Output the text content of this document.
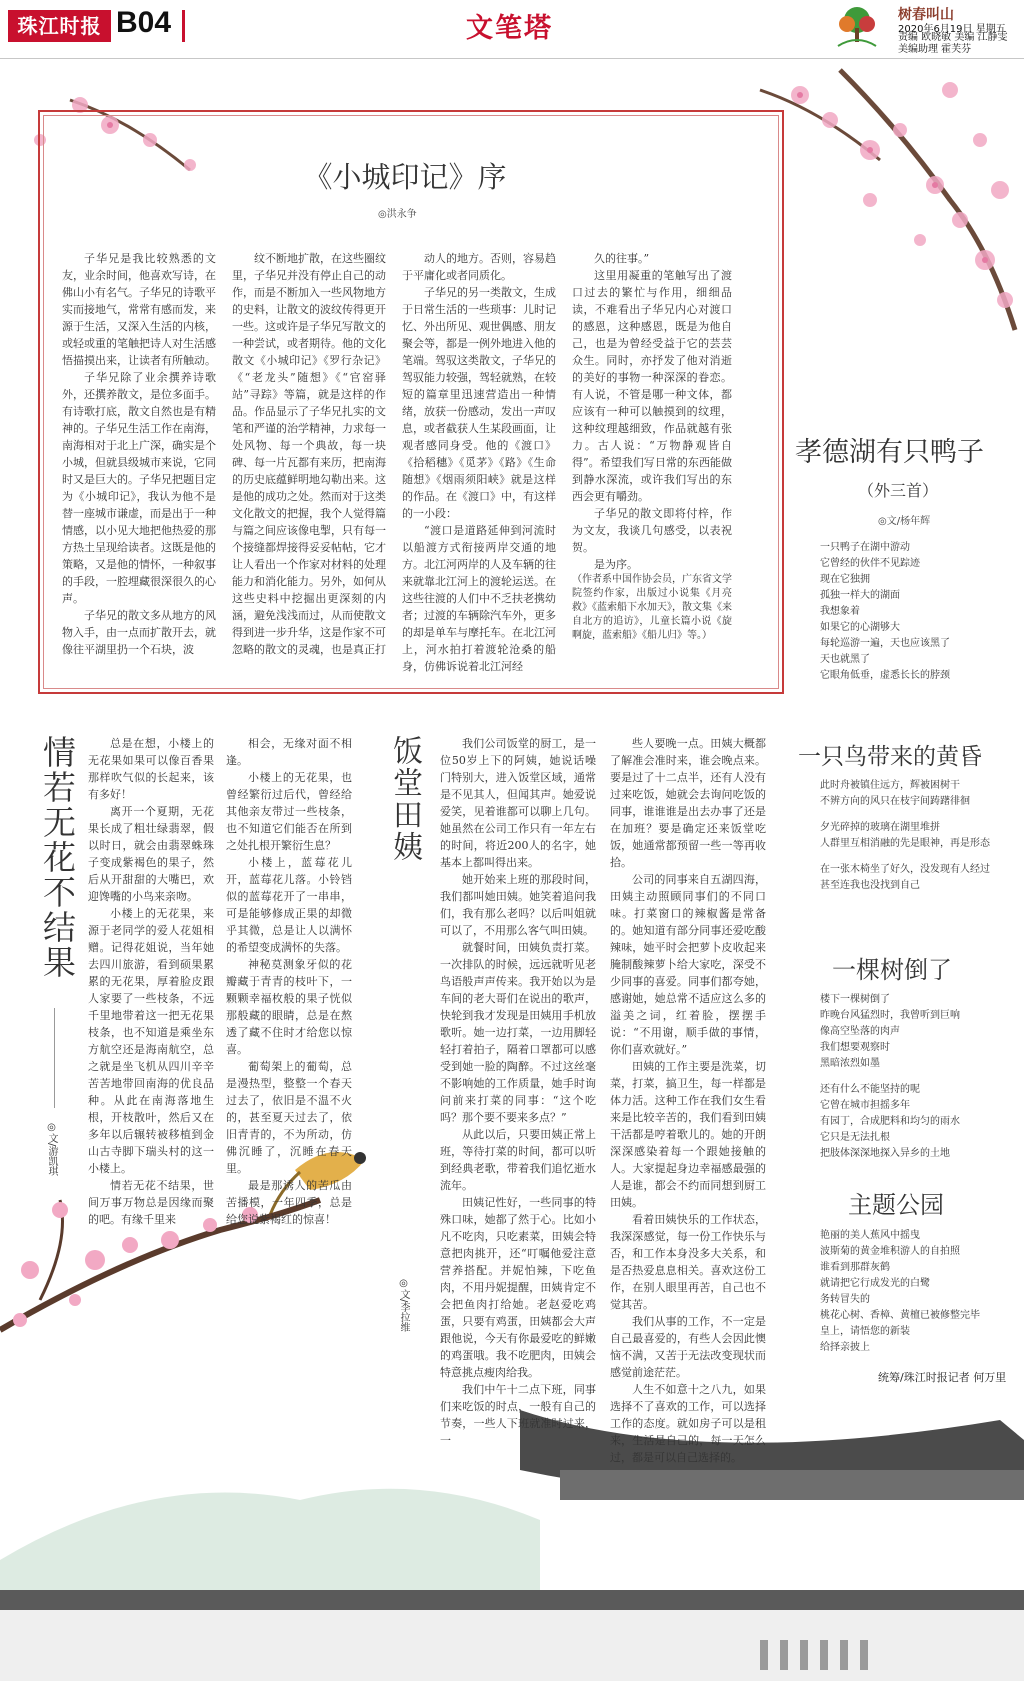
珠江时报 B04	文笔塔	树春叫山
2020年6月19日 星期五
责编 欧晓敏 美编 江静雯
美编助理 霍芙芬
《小城印记》序
◎洪永争

子华兄是我比较熟悉的文友，业余时间，他喜欢写诗，在佛山小有名气。子华兄的诗歌平实而接地气，常常有感而发，来源于生活，又深入生活的内核，或轻或重的笔触把诗人对生活感悟描摸出来，让读者有所触动。

子华兄除了业余撰养诗歌外，还撰养散文，是位多面手。有诗歌打底，散文自然也是有精神的。子华兄生活工作在南海，南海相对于北上广深，确实是个小城，但就县级城市来说，它同时又是巨大的。子华兄把题目定为《小城印记》，我认为他不是替一座城市谦虚，而是出于一种情感，以小见大地把他热爱的那方热土呈现给读者。这既是他的策略，又是他的情怀，一种叙事的手段，一腔埋藏很深很久的心声。

子华兄的散文多从地方的风物入手，由一点而扩散开去，就像往平湖里扔一个石块，波

纹不断地扩散，在这些圈纹里，子华兄并没有停止自己的动作，而是不断加入一些风物地方的史料，让散文的波纹传得更开一些。这或许是子华兄写散文的一种尝试，或者期待。他的文化散文《小城印记》《罗行杂记》《“老龙头”随想》《“官窑驿站”寻踪》等篇，就是这样的作品。作品显示了子华兄扎实的文笔和严谨的治学精神，力求每一处风物、每一个典故，每一块碑、每一片瓦都有来历，把南海的历史底蕴鲜明地勾勒出来。这是他的成功之处。然而对于这类文化散文的把握，我个人觉得篇与篇之间应该像电掣，只有每一个接缝都焊接得妥妥帖帖，它才让人看出一个作家对材料的处理能力和消化能力。另外，如何从这些史料中挖掘出更深刻的内涵，避免浅浅而过，从而使散文得到进一步升华，这是作家不可忽略的散文的灵魂，也是真正打

动人的地方。否则，容易趋于平庸化或者同质化。

子华兄的另一类散文，生成于日常生活的一些琐事：儿时记忆、外出所见、观世偶感、朋友聚会等，都是一例外地进入他的笔端。驾驭这类散文，子华兄的驾驭能力较强，驾轻就熟，在较短的篇章里迅速营造出一种情绪，放获一份感动，发出一声叹息，或者截获人生某段画面，让观者感同身受。他的《渡口》《拾稻穗》《觅茅》《路》《生命随想》《烟雨须阳峡》就是这样的作品。在《渡口》中，有这样的一小段：

“渡口是道路延伸到河流时以船渡方式衔接两岸交通的地方。北江河两岸的人及车辆的往来就靠北江河上的渡轮运送。在这些往渡的人们中不乏扶老携幼者；过渡的车辆除汽车外，更多的却是单车与摩托车。在北江河上，河水拍打着渡轮沧桑的船身，仿佛诉说着北江河经

久的往事。”

这里用凝重的笔触写出了渡口过去的繁忙与作用，细细品读，不难看出子华兄内心对渡口的感恩，这种感恩，既是为他自己，也是为曾经受益于它的芸芸众生。同时，亦抒发了他对消逝的美好的事物一种深深的眷恋。有人说，不管是哪一种文体，都应该有一种可以触摸到的纹理，这种纹理越细致，作品就越有张力。古人说：“万物静观皆自得”。希望我们写日常的东西能做到静水深流，或许我们写出的东西会更有嚼劲。

子华兄的散文即将付梓，作为文友，我谈几句感受，以表祝贺。

是为序。

（作者系中国作协会员，广东省文学院签约作家，出版过小说集《月亮救》《蓝索船下水加天》，散文集《来自北方的追访》，儿童长篇小说《旋啊旋，蓝索船》《船儿归》等。）
孝德湖有只鸭子
（外三首）
◎文/杨年辉
一只鸭子在湖中游动
它曾经的伙伴不见踪迹
现在它独拥
孤独一样大的湖面
我想象着
如果它的心湖够大
每轮巡游一遍，天也应该黑了
天也就黑了
它眼角低垂，虚悉长长的脖颈
一只鸟带来的黄昏
此时舟被镇住远方，辉被困树干
不辨方向的风只在枝宇间踌躇徘徊
夕光碎掉的玻璃在湖里堆拼
人群里互相消融的先是眼神，再是形态
在一张木椅坐了好久，没发现有人经过
甚至连我也没找到自己
一棵树倒了
楼下一棵树倒了
昨晚台风猛烈时，我曾听到巨响
像高空坠落的肉声
我们想要观察时
黑暗浓烈如墨
还有什么不能坚持的呢
它曾在城市担摇多年
有园丁，合成肥料和均匀的雨水
它只是无法扎根
把肢体深深地探入异乡的土地
主题公园
艳丽的美人蕉风中摇曳
波斯菊的黄金堆积游人的自拍照
谁看到那群灰鹤
就请把它行成发光的白鹭
务转冒失的
桃花心树、香樟、黄檀已被修整完毕
皇上，请悟您的新装
给择亲披上
统筹/珠江时报记者 何万里
情若无花不结果
◎文/游凯琪

总是在想，小楼上的无花果如果可以像百香果那样吹气似的长起来，该有多好！

离开一个夏期，无花果长成了粗壮绿翡翠，假以时日，就会由翡翠蛛珠子变成紫褐色的果子，然后从开甜甜的大嘴巴，欢迎馋嘴的小鸟来亲吻。

小楼上的无花果，来源于老同学的爱人花姐相赠。记得花姐说，当年她去四川旅游，看到硕果累累的无花果，厚着脸皮跟人家要了一些枝条，不远千里地带着这一把无花果枝条，也不知道是乘坐东方航空还是海南航空，总之就是坐飞机从四川辛辛苦苦地带回南海的优良品种。从此在南海落地生根，开枝散叶，然后又在多年以后辗转被移植到金山古寺脚下瑞头村的这一小楼上。

情若无花不结果，世间万事万物总是因缘而聚的吧。有缘千里来

相会，无缘对面不相逢。

小楼上的无花果，也曾经繁衍过后代，曾经给其他亲友带过一些枝条，也不知道它们能否在所到之处扎根开繁衍生息？

小楼上，蓝莓花儿开，蓝莓花儿落。小铃铛似的蓝莓花开了一串串，可是能够修成正果的却微乎其微，总是让人以满怀的希望变成满怀的失落。

神秘莫测象牙似的花瓣藏于青青的枝叶下，一颗颗幸福枚般的果子恍似那般藏的眼睛，总是在熬透了藏不住时才给您以惊喜。

葡萄架上的葡萄，总是漫热型，整整一个春天过去了，依旧是不温不火的，甚至夏天过去了，依旧青青的，不为所动，仿佛沉睡了，沉睡在春天里。

最是那诱人的苦瓜由苦播模，一年四季，总是给您说紫褐红的惊喜！

饭堂田姨
◎文/李拉维

我们公司饭堂的厨工，是一位50岁上下的阿姨，她说话噪门特别大，进入饭堂区域，通常是不见其人，但闻其声。她爱说爱笑，见着谁都可以聊上几句。她虽然在公司工作只有一年左右的时间，将近200人的名字，她基本上都叫得出来。

她开始来上班的那段时间，我们都叫她田姨。她笑着追问我们，我有那么老吗？以后叫姐就可以了，不用那么客气叫田姨。

就餐时间，田姨负责打菜。一次排队的时候，远远就听见老鸟语般声声传来。我开始以为是车间的老大哥们在说出的歌声，快轮到我才发现是田姨用手机放歌听。她一边打菜，一边用脚轻轻打着拍子，隔着口罩都可以感受到她一脸的陶醉。不过这丝毫不影响她的工作质量，她手时询问前来打菜的同事：“这个吃吗？那个要不要来多点？”

从此以后，只要田姨正常上班，等待打菜的时间，都可以听到经典老歌，带着我们追忆逝水流年。

田姨记性好，一些同事的特殊口味，她都了然于心。比如小凡不吃肉，只吃素菜，田姨会特意把肉挑开，还“叮嘱他爱注意营养搭配。并妮怕辣，下吃鱼肉，不用丹妮提醒，田姨肯定不会把鱼肉打给她。老赵爱吃鸡蛋，只要有鸡蛋，田姨都会大声跟他说，今天有你最爱吃的鲜嫩的鸡蛋哦。我不吃肥肉，田姨会特意挑点瘦肉给我。

我们中午十二点下班，同事们来吃饭的时点，一般有自己的节奏，一些人下班就准时过来，一

些人要晚一点。田姨大概都了解准会准时来，谁会晚点来。要是过了十二点半，还有人没有过来吃饭，她就会去询问吃饭的同事，谁谁谁是出去办事了还是在加班？要是确定还来饭堂吃饭，她通常都预留一些一等再收拾。

公司的同事来自五湖四海，田姨主动照顾同事们的不同口味。打菜窗口的辣椒酱是常备的。她知道有部分同事还爱吃酸辣味，她平时会把萝卜皮收起来腌制酸辣萝卜给大家吃，深受不少同事的喜爱。同事们都夸她，感谢她，她总常不适应这么多的溢美之词，红着脸，摆摆手说：“不用谢，顺手做的事情，你们喜欢就好。”

田姨的工作主要是洗菜，切菜，打菜，搞卫生，每一样都是体力活。这种工作在我们女生看来是比较辛苦的，我们看到田姨干活都是哼着歌儿的。她的开朗深深感染着每一个跟她接触的人。大家提起身边幸福感最强的人是谁，都会不约而同想到厨工田姨。

看着田姨快乐的工作状态，我深深感觉，每一份工作快乐与否，和工作本身没多大关系，和是否热爱息息相关。喜欢这份工作，在别人眼里再苦，自己也不觉其苦。

我们从事的工作，不一定是自己最喜爱的，有些人会因此懊恼不满，又苦于无法改变现状而感觉前途茫茫。

人生不如意十之八九，如果选择不了喜欢的工作，可以选择工作的态度。就如房子可以是租来，生活是自己的，每一天怎么过，都是可以自己选择的。
